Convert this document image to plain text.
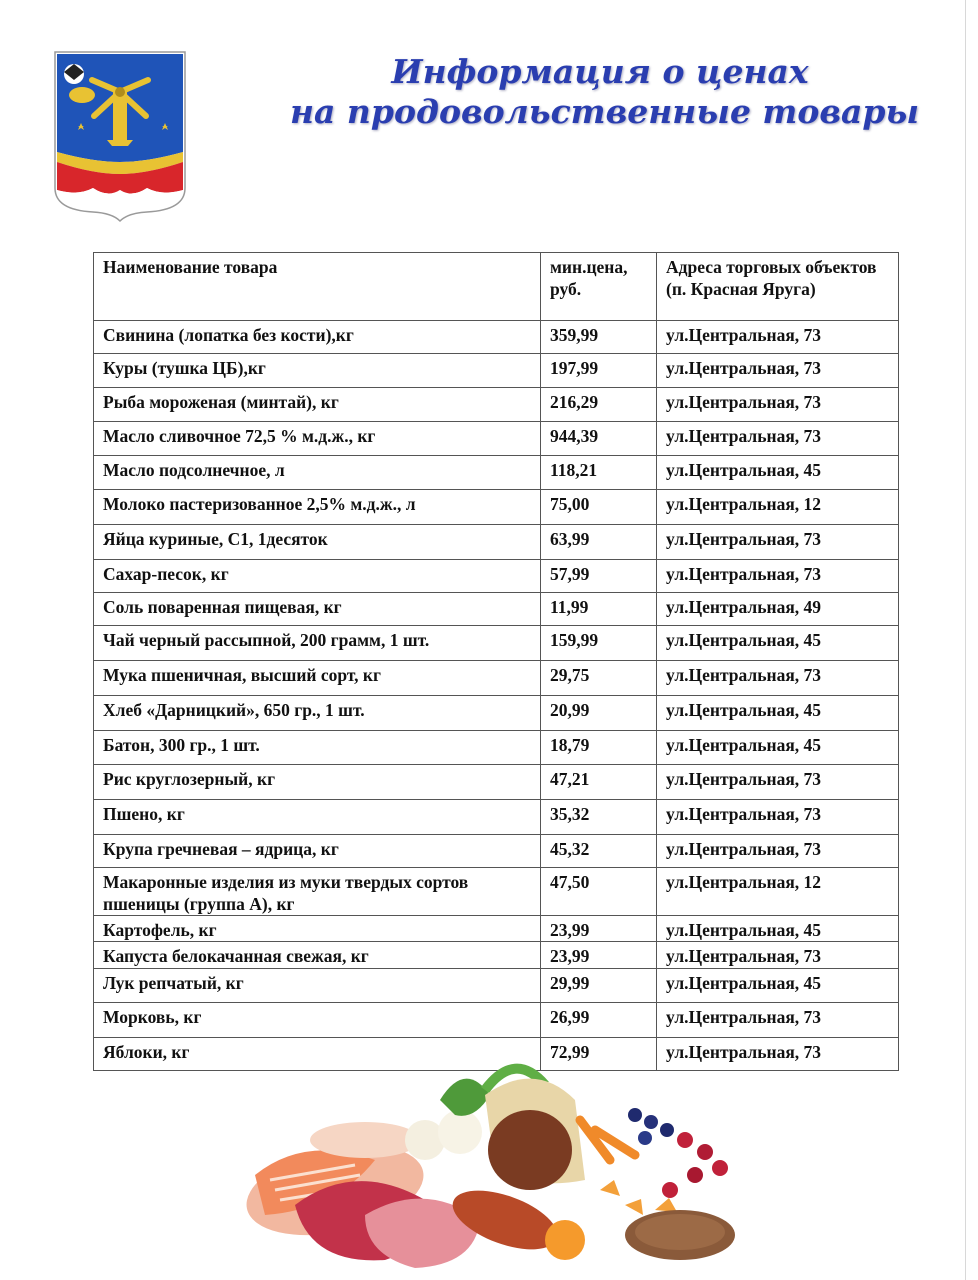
Информация о ценах
на продовольственные товары
Наименование товара	мин.цена, руб.	Адреса торговых объектов
(п. Красная Яруга)
Свинина (лопатка без кости),кг	359,99	ул.Центральная, 73
Куры (тушка ЦБ),кг	197,99	ул.Центральная, 73
Рыба мороженая (минтай), кг	216,29	ул.Центральная, 73
Масло сливочное 72,5 % м.д.ж., кг	944,39	ул.Центральная, 73
Масло подсолнечное, л	118,21	ул.Центральная, 45
Молоко пастеризованное 2,5% м.д.ж., л	75,00	ул.Центральная, 12
Яйца куриные, С1, 1десяток	63,99	ул.Центральная, 73
Сахар-песок, кг	57,99	ул.Центральная, 73
Соль поваренная пищевая, кг	11,99	ул.Центральная, 49
Чай черный рассыпной, 200 грамм, 1 шт.	159,99	ул.Центральная, 45
Мука пшеничная, высший сорт, кг	29,75	ул.Центральная, 73
Хлеб «Дарницкий», 650 гр., 1 шт.	20,99	ул.Центральная, 45
Батон, 300 гр., 1 шт.	18,79	ул.Центральная, 45
Рис круглозерный, кг	47,21	ул.Центральная, 73
Пшено, кг	35,32	ул.Центральная, 73
Крупа гречневая – ядрица, кг	45,32	ул.Центральная, 73
Макаронные изделия из муки твердых сортов пшеницы (группа А), кг	47,50	ул.Центральная, 12
Картофель, кг	23,99	ул.Центральная, 45
Капуста белокачанная свежая, кг	23,99	ул.Центральная, 73
Лук репчатый, кг	29,99	ул.Центральная, 45
Морковь, кг	26,99	ул.Центральная, 73
Яблоки, кг	72,99	ул.Центральная, 73
